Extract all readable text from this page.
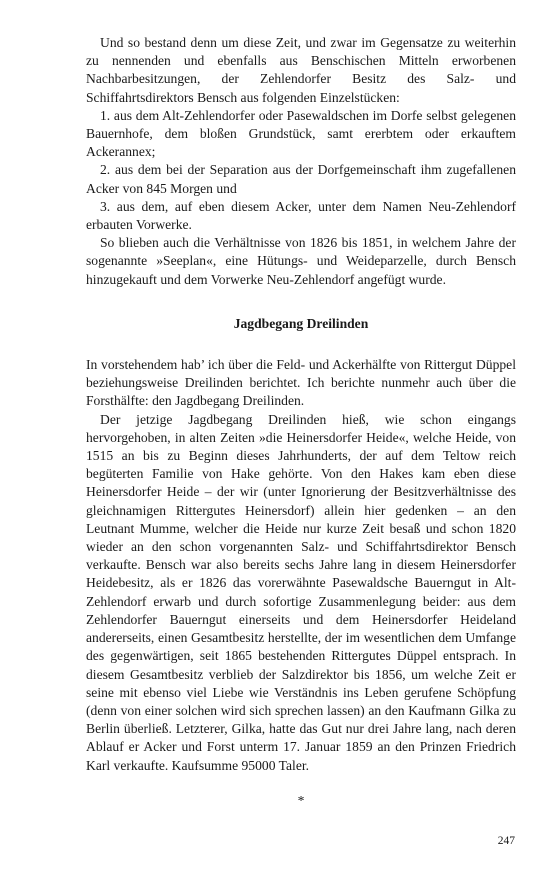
Und so bestand denn um diese Zeit, und zwar im Gegensatze zu weiterhin zu nennenden und ebenfalls aus Benschischen Mitteln erworbenen Nachbarbesitzungen, der Zehlendorfer Besitz des Salz- und Schiffahrtsdirektors Bensch aus folgenden Einzelstücken:

1. aus dem Alt-Zehlendorfer oder Pasewaldschen im Dorfe selbst gelegenen Bauernhofe, dem bloßen Grundstück, samt ererbtem oder erkauftem Ackerannex;

2. aus dem bei der Separation aus der Dorfgemeinschaft ihm zugefallenen Acker von 845 Morgen und

3. aus dem, auf eben diesem Acker, unter dem Namen Neu-Zehlendorf erbauten Vorwerke.

So blieben auch die Verhältnisse von 1826 bis 1851, in welchem Jahre der sogenannte »Seeplan«, eine Hütungs- und Weideparzelle, durch Bensch hinzugekauft und dem Vorwerke Neu-Zehlendorf angefügt wurde.

Jagdbegang Dreilinden

In vorstehendem hab’ ich über die Feld- und Ackerhälfte von Rittergut Düppel beziehungsweise Dreilinden berichtet. Ich berichte nunmehr auch über die Forsthälfte: den Jagdbegang Dreilinden.

Der jetzige Jagdbegang Dreilinden hieß, wie schon eingangs hervorgehoben, in alten Zeiten »die Heinersdorfer Heide«, welche Heide, von 1515 an bis zu Beginn dieses Jahrhunderts, der auf dem Teltow reich begüterten Familie von Hake gehörte. Von den Hakes kam eben diese Heinersdorfer Heide – der wir (unter Ignorierung der Besitzverhältnisse des gleichnamigen Rittergutes Heinersdorf) allein hier gedenken – an den Leutnant Mumme, welcher die Heide nur kurze Zeit besaß und schon 1820 wieder an den schon vorgenannten Salz- und Schiffahrtsdirektor Bensch verkaufte. Bensch war also bereits sechs Jahre lang in diesem Heinersdorfer Heidebesitz, als er 1826 das vorerwähnte Pasewaldsche Bauerngut in Alt-Zehlendorf erwarb und durch sofortige Zusammenlegung beider: aus dem Zehlendorfer Bauerngut einerseits und dem Heinersdorfer Heideland andererseits, einen Gesamtbesitz herstellte, der im wesentlichen dem Umfange des gegenwärtigen, seit 1865 bestehenden Rittergutes Düppel entsprach. In diesem Gesamtbesitz verblieb der Salzdirektor bis 1856, um welche Zeit er seine mit ebenso viel Liebe wie Verständnis ins Leben gerufene Schöpfung (denn von einer solchen wird sich sprechen lassen) an den Kaufmann Gilka zu Berlin überließ. Letzterer, Gilka, hatte das Gut nur drei Jahre lang, nach deren Ablauf er Acker und Forst unterm 17. Januar 1859 an den Prinzen Friedrich Karl verkaufte. Kaufsumme 95000 Taler.

*
247
